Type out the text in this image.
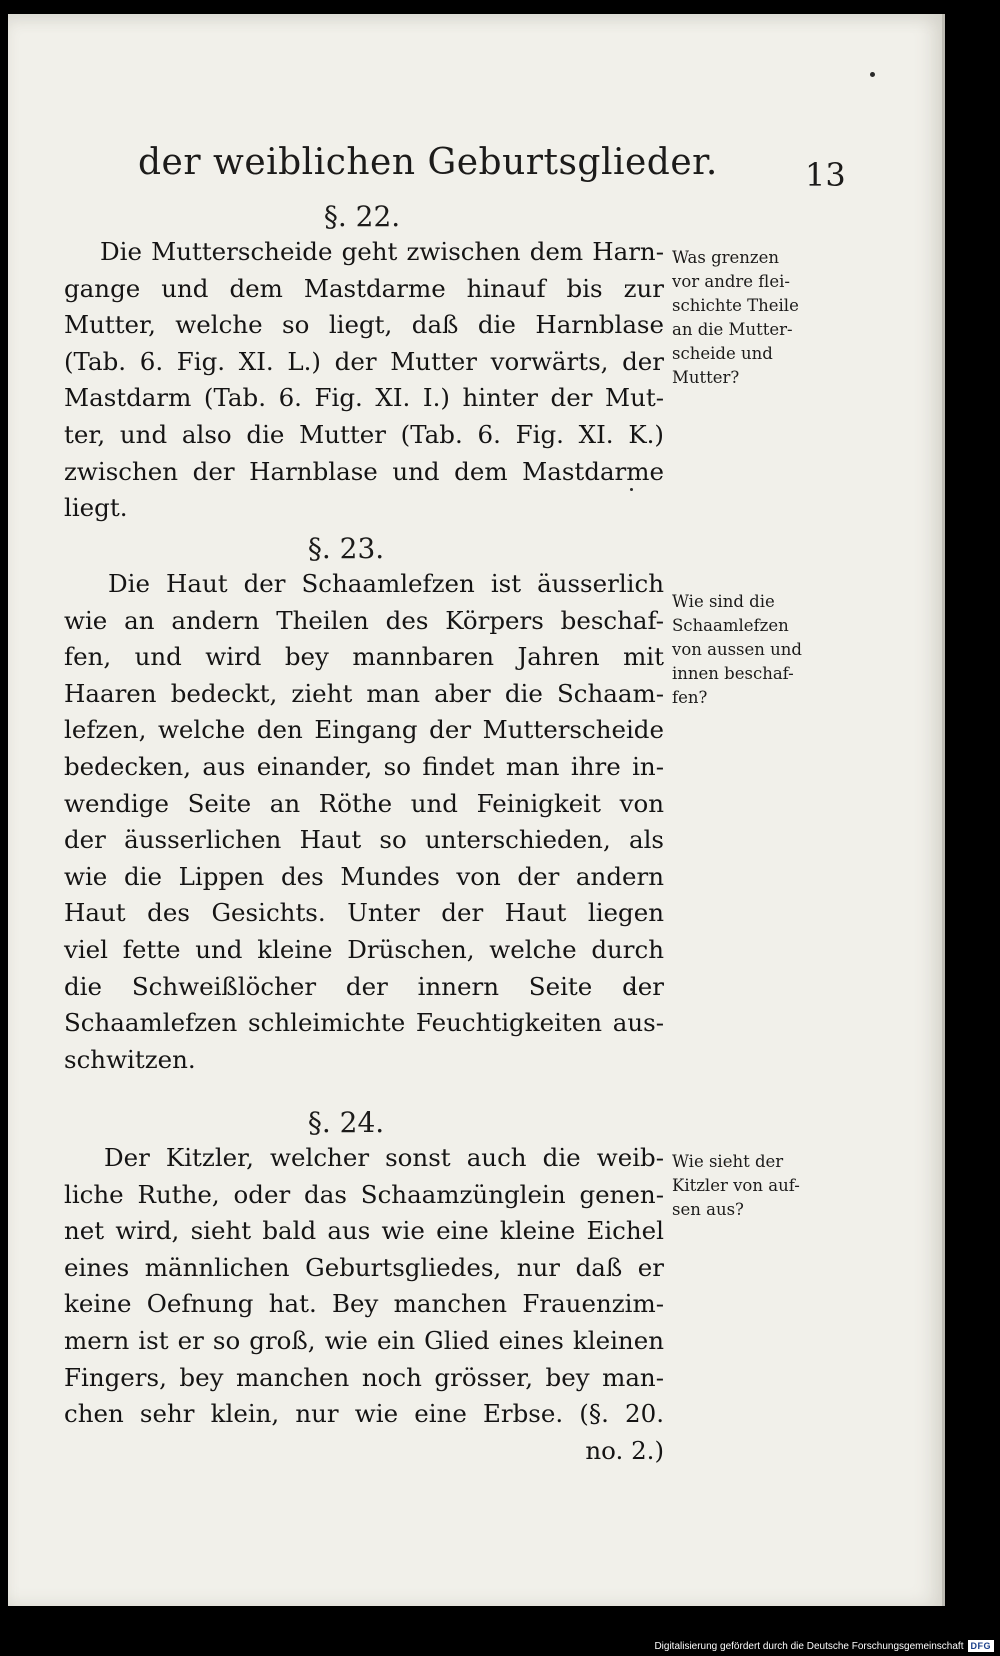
der weiblichen Geburtsglieder.	13
§. 22.
Die Mutterscheide geht zwischen dem Harn-
gange und dem Mastdarme hinauf bis zur
Mutter, welche so liegt, daß die Harnblase
(Tab. 6. Fig. XI. L.) der Mutter vorwärts, der
Mastdarm (Tab. 6. Fig. XI. I.) hinter der Mut-
ter, und also die Mutter (Tab. 6. Fig. XI. K.)
zwischen der Harnblase und dem Mastdarme
liegt.
Was grenzen
vor andre flei-
schichte Theile
an die Mutter-
scheide und
Mutter?
§. 23.
Die Haut der Schaamlefzen ist äusserlich
wie an andern Theilen des Körpers beschaf-
fen, und wird bey mannbaren Jahren mit
Haaren bedeckt, zieht man aber die Schaam-
lefzen, welche den Eingang der Mutterscheide
bedecken, aus einander, so findet man ihre in-
wendige Seite an Röthe und Feinigkeit von
der äusserlichen Haut so unterschieden, als
wie die Lippen des Mundes von der andern
Haut des Gesichts. Unter der Haut liegen
viel fette und kleine Drüschen, welche durch
die Schweißlöcher der innern Seite der
Schaamlefzen schleimichte Feuchtigkeiten aus-
schwitzen.
Wie sind die
Schaamlefzen
von aussen und
innen beschaf-
fen?
§. 24.
Der Kitzler, welcher sonst auch die weib-
liche Ruthe, oder das Schaamzünglein genen-
net wird, sieht bald aus wie eine kleine Eichel
eines männlichen Geburtsgliedes, nur daß er
keine Oefnung hat. Bey manchen Frauenzim-
mern ist er so groß, wie ein Glied eines kleinen
Fingers, bey manchen noch grösser, bey man-
chen sehr klein, nur wie eine Erbse. (§. 20.
no. 2.)
Wie sieht der
Kitzler von auf-
sen aus?
Digitalisierung gefördert durch die Deutsche Forschungsgemeinschaft DFG
